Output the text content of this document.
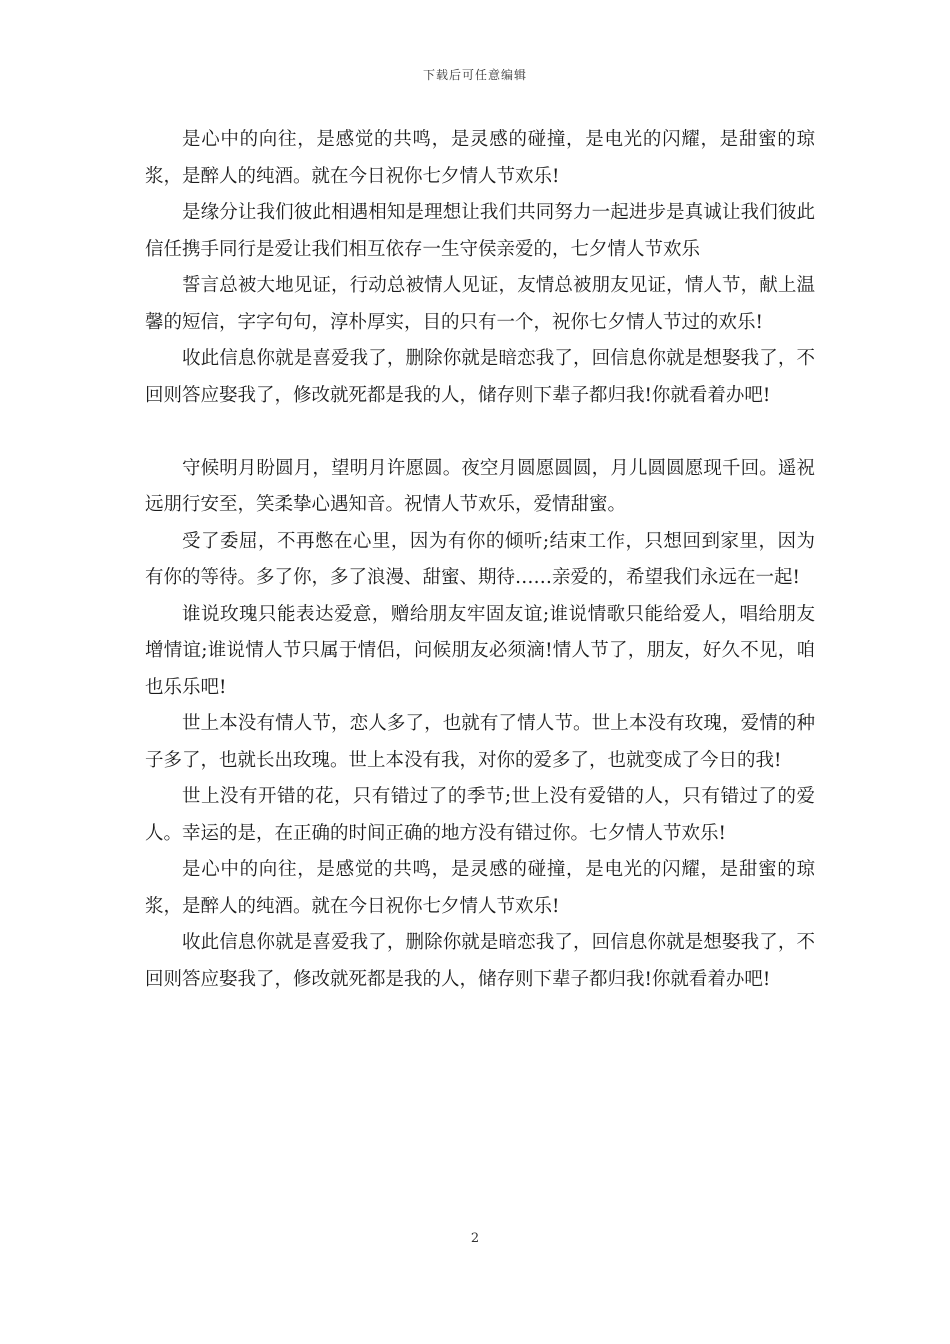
下载后可任意编辑

是心中的向往，是感觉的共鸣，是灵感的碰撞，是电光的闪耀，是甜蜜的琼浆，是醉人的纯酒。就在今日祝你七夕情人节欢乐!

是缘分让我们彼此相遇相知是理想让我们共同努力一起进步是真诚让我们彼此信任携手同行是爱让我们相互依存一生守侯亲爱的，七夕情人节欢乐

誓言总被大地见证，行动总被情人见证，友情总被朋友见证，情人节，献上温馨的短信，字字句句，淳朴厚实，目的只有一个，祝你七夕情人节过的欢乐!

收此信息你就是喜爱我了，删除你就是暗恋我了，回信息你就是想娶我了，不回则答应娶我了，修改就死都是我的人，储存则下辈子都归我!你就看着办吧!

守候明月盼圆月，望明月许愿圆。夜空月圆愿圆圆，月儿圆圆愿现千回。遥祝远朋行安至，笑柔挚心遇知音。祝情人节欢乐，爱情甜蜜。

受了委屈，不再憋在心里，因为有你的倾听;结束工作，只想回到家里，因为有你的等待。多了你，多了浪漫、甜蜜、期待……亲爱的，希望我们永远在一起!

谁说玫瑰只能表达爱意，赠给朋友牢固友谊;谁说情歌只能给爱人，唱给朋友增情谊;谁说情人节只属于情侣，问候朋友必须滴!情人节了，朋友，好久不见，咱也乐乐吧!

世上本没有情人节，恋人多了，也就有了情人节。世上本没有玫瑰，爱情的种子多了，也就长出玫瑰。世上本没有我，对你的爱多了，也就变成了今日的我!

世上没有开错的花，只有错过了的季节;世上没有爱错的人，只有错过了的爱人。幸运的是，在正确的时间正确的地方没有错过你。七夕情人节欢乐!

是心中的向往，是感觉的共鸣，是灵感的碰撞，是电光的闪耀，是甜蜜的琼浆，是醉人的纯酒。就在今日祝你七夕情人节欢乐!

收此信息你就是喜爱我了，删除你就是暗恋我了，回信息你就是想娶我了，不回则答应娶我了，修改就死都是我的人，储存则下辈子都归我!你就看着办吧!

2
